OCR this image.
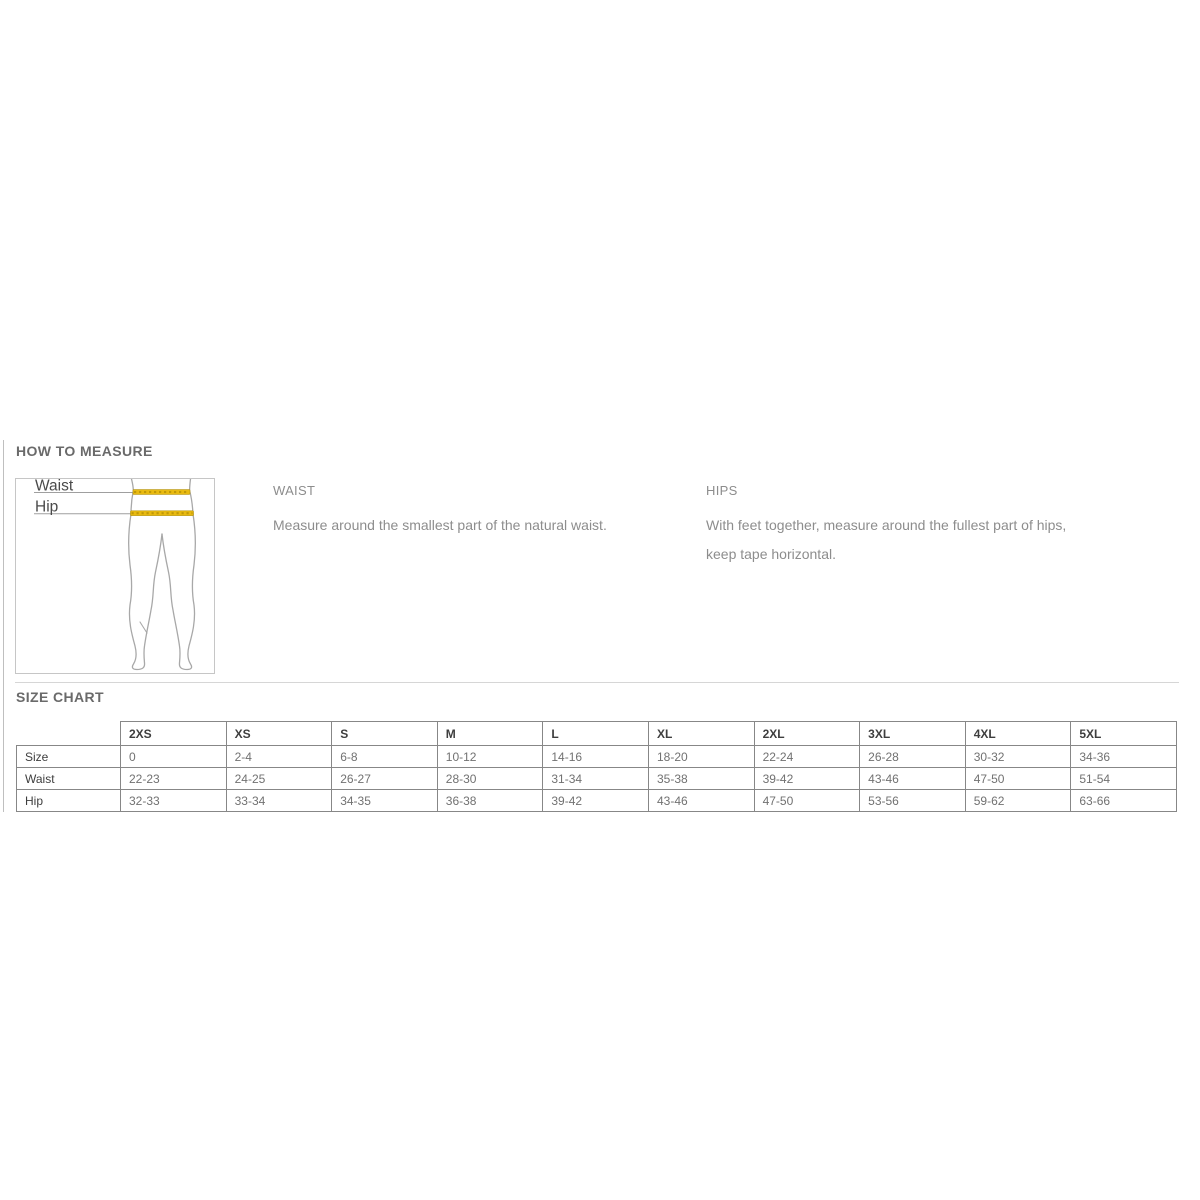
HOW TO MEASURE
Waist
Hip
WAIST
Measure around the smallest part of the natural waist.
HIPS
With feet together, measure around the fullest part of hips,
keep tape horizontal.
SIZE CHART
	2XS	XS	S	M	L	XL	2XL	3XL	4XL	5XL
Size	0	2-4	6-8	10-12	14-16	18-20	22-24	26-28	30-32	34-36
Waist	22-23	24-25	26-27	28-30	31-34	35-38	39-42	43-46	47-50	51-54
Hip	32-33	33-34	34-35	36-38	39-42	43-46	47-50	53-56	59-62	63-66
